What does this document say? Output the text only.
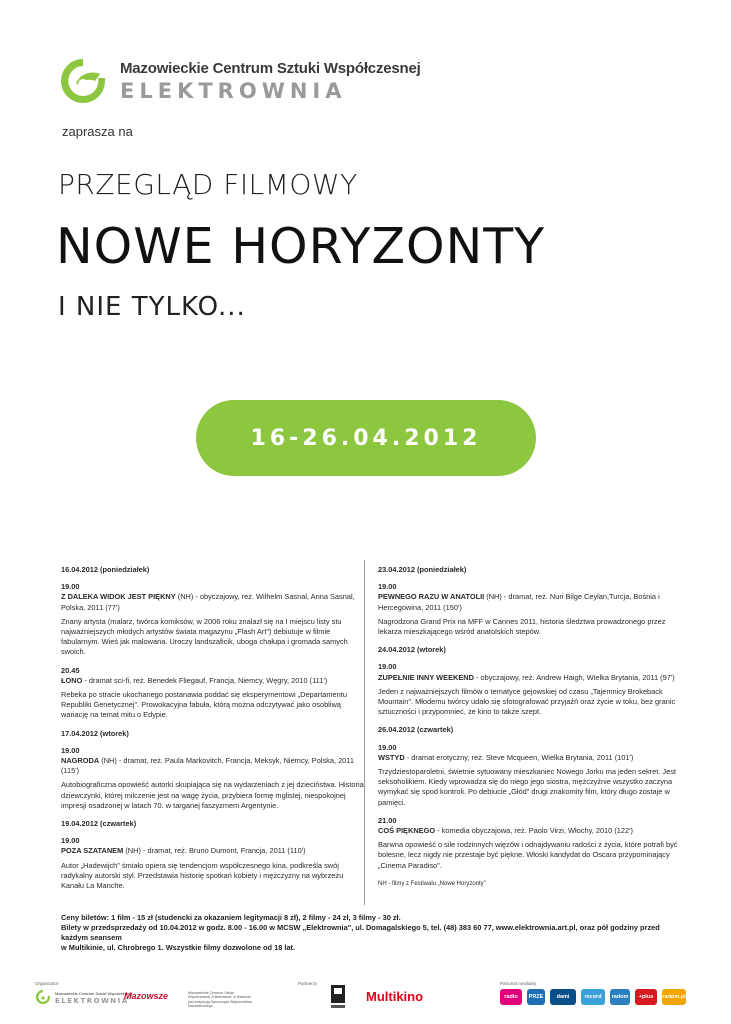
Mazowieckie Centrum Sztuki Współczesnej
ELEKTROWNIA
zaprasza na
PRZEGLĄD FILMOWY
NOWE HORYZONTY
I NIE TYLKO...
16-26.04.2012
16.04.2012 (poniedziałek)
19.00
Z DALEKA WIDOK JEST PIĘKNY (NH) - obyczajowy, reż. Wilhelm Sasnal, Anna Sasnal, Polska, 2011 (77')
Znany artysta (malarz, twórca komiksów, w 2006 roku znalazł się na I miejscu listy stu najważniejszych młodych artystów świata magazynu „Flash Art") debiutuje w filmie fabularnym. Wieś jak malowana. Uroczy landszaficik, uboga chałupa i gromada samych swoich.
20.45
ŁONO - dramat sci-fi, reż. Benedek Fliegauf, Francja, Niemcy, Węgry, 2010 (111')
Rebeka po stracie ukochanego postanawia poddać się eksperymentowi „Departamentu Republiki Genetycznej". Prowokacyjna fabuła, którą można odczytywać jako osobliwą wariację na temat mitu o Edypie.
17.04.2012 (wtorek)
19.00
NAGRODA (NH) - dramat, reż. Paula Markovitch, Francja, Meksyk, Niemcy, Polska, 2011 (115')
Autobiograficzna opowieść autorki skupiająca się na wydarzeniach z jej dzieciństwa. Historia dziewczynki, której milczenie jest na wagę życia, przybiera formę mglistej, niespokojnej impresji osadzonej w latach 70. w targanej faszyzmem Argentynie.
19.04.2012 (czwartek)
19.00
POZA SZATANEM (NH) - dramat, reż. Bruno Dumont, Francja, 2011 (110')
Autor „Hadewijch" śmiało opiera się tendencjom współczesnego kina, podkreśla swój radykalny autorski styl. Przedstawia historię spotkań kobiety i mężczyzny na wybrzeżu Kanału La Manche.
23.04.2012 (poniedziałek)
19.00
PEWNEGO RAZU W ANATOLII (NH) - dramat, reż. Nuri Bilge Ceylan,Turcja, Bośnia i Hercegowina, 2011 (150')
Nagrodzona Grand Prix na MFF w Cannes 2011, historia śledztwa prowadzonego przez lekarza mieszkającego wśród anatolskich stepów.
24.04.2012 (wtorek)
19.00
ZUPEŁNIE INNY WEEKEND - obyczajowy, reż. Andrew Haigh, Wielka Brytania, 2011 (97')
Jeden z najważniejszych filmów o tematyce gejowskiej od czasu „Tajemnicy Brokeback Mountain". Młodemu twórcy udało się sfotografować przyjaźń oraz życie w toku, bez granic sztuczności i przypomnieć, że kino to także szept.
26.04.2012 (czwartek)
19.00
WSTYD - dramat erotyczny, reż. Steve Mcqueen, Wielka Brytania, 2011 (101')
Trzydziestoparoletni, świetnie sytuowany mieszkaniec Nowego Jorku ma jeden sekret. Jest seksoholikiem. Kiedy wprowadza się do niego jego siostra, mężczyźnie wszystko zaczyna wymykać się spod kontroli. Po debiucie „Głód" drugi znakomity film, który długo zostaje w pamięci.
21.00
COŚ PIĘKNEGO - komedia obyczajowa, reż. Paolo Virzi, Włochy, 2010 (122')
Barwna opowieść o sile rodzinnych więzów i odnajdywaniu radości z życia, które potrafi być bolesne, lecz nigdy nie przestaje być piękne. Włoski kandydat do Oscara przypominający „Cinema Paradiso".
NH - filmy z Festiwalu „Nowe Horyzonty"
Ceny biletów: 1 film - 15 zł (studencki za okazaniem legitymacji 8 zł), 2 filmy - 24 zł, 3 filmy - 30 zł.
Bilety w przedsprzedaży od 10.04.2012 w godz. 8.00 - 16.00 w MCSW „Elektrownia", ul. Domagalskiego 5, tel. (48) 383 60 77, www.elektrownia.art.pl, oraz pół godziny przed każdym seansem
w Multikinie, ul. Chrobrego 1. Wszystkie filmy dozwolone od 18 lat.
Organizator	Partnerzy	Patronat medialny
Mazowieckie Centrum Sztuki Współczesnej
ELEKTROWNIA
Mazowsze	Mazowieckie Centrum Sztuki Współczesnej „Elektrownia" w Radomiu jest instytucją Samorządu Województwa Mazowieckiego
Multikino	radio	PRZE	dami	record	radom	+plus	radom.pl
